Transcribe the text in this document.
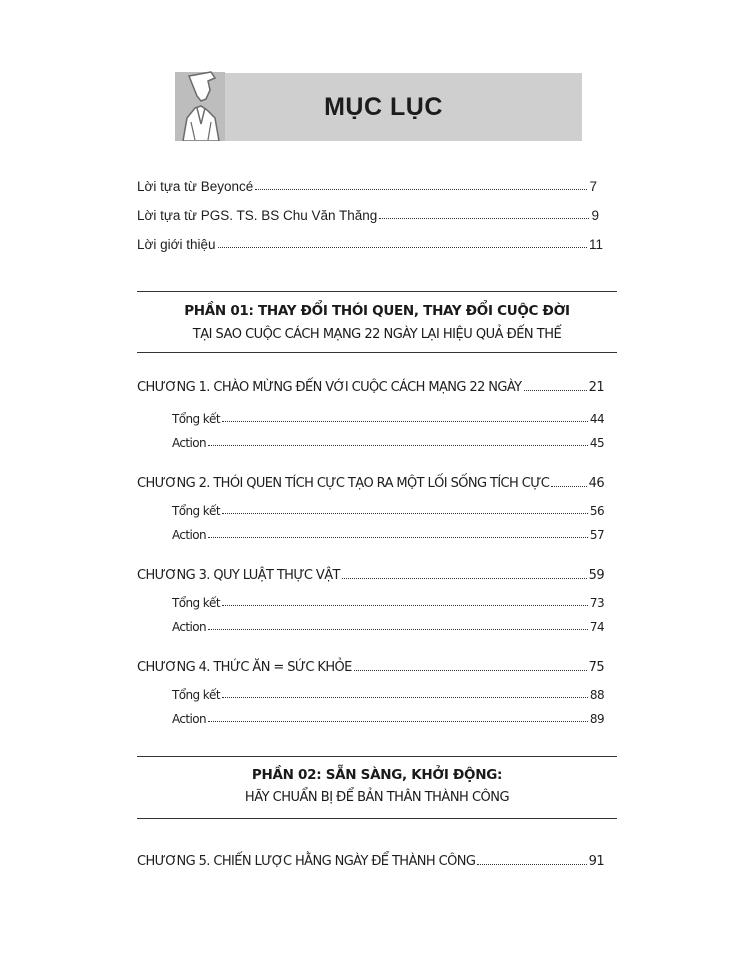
MỤC LỤC
Lời tựa từ Beyoncé	7
Lời tựa từ PGS. TS. BS Chu Văn Thăng	9
Lời giới thiệu	11
PHẦN 01: THAY ĐỔI THÓI QUEN, THAY ĐỔI CUỘC ĐỜI
TẠI SAO CUỘC CÁCH MẠNG 22 NGÀY LẠI HIỆU QUẢ ĐẾN THẾ
CHƯƠNG 1. CHÀO MỪNG ĐẾN VỚI CUỘC CÁCH MẠNG 22 NGÀY	21
Tổng kết	44
Action	45
CHƯƠNG 2. THÓI QUEN TÍCH CỰC TẠO RA MỘT LỐI SỐNG TÍCH CỰC	46
Tổng kết	56
Action	57
CHƯƠNG 3. QUY LUẬT THỰC VẬT	59
Tổng kết	73
Action	74
CHƯƠNG 4. THỨC ĂN = SỨC KHỎE	75
Tổng kết	88
Action	89
PHẦN 02: SẴN SÀNG, KHỞI ĐỘNG:
HÃY CHUẨN BỊ ĐỂ BẢN THÂN THÀNH CÔNG
CHƯƠNG 5. CHIẾN LƯỢC HẰNG NGÀY ĐỂ THÀNH CÔNG	91
